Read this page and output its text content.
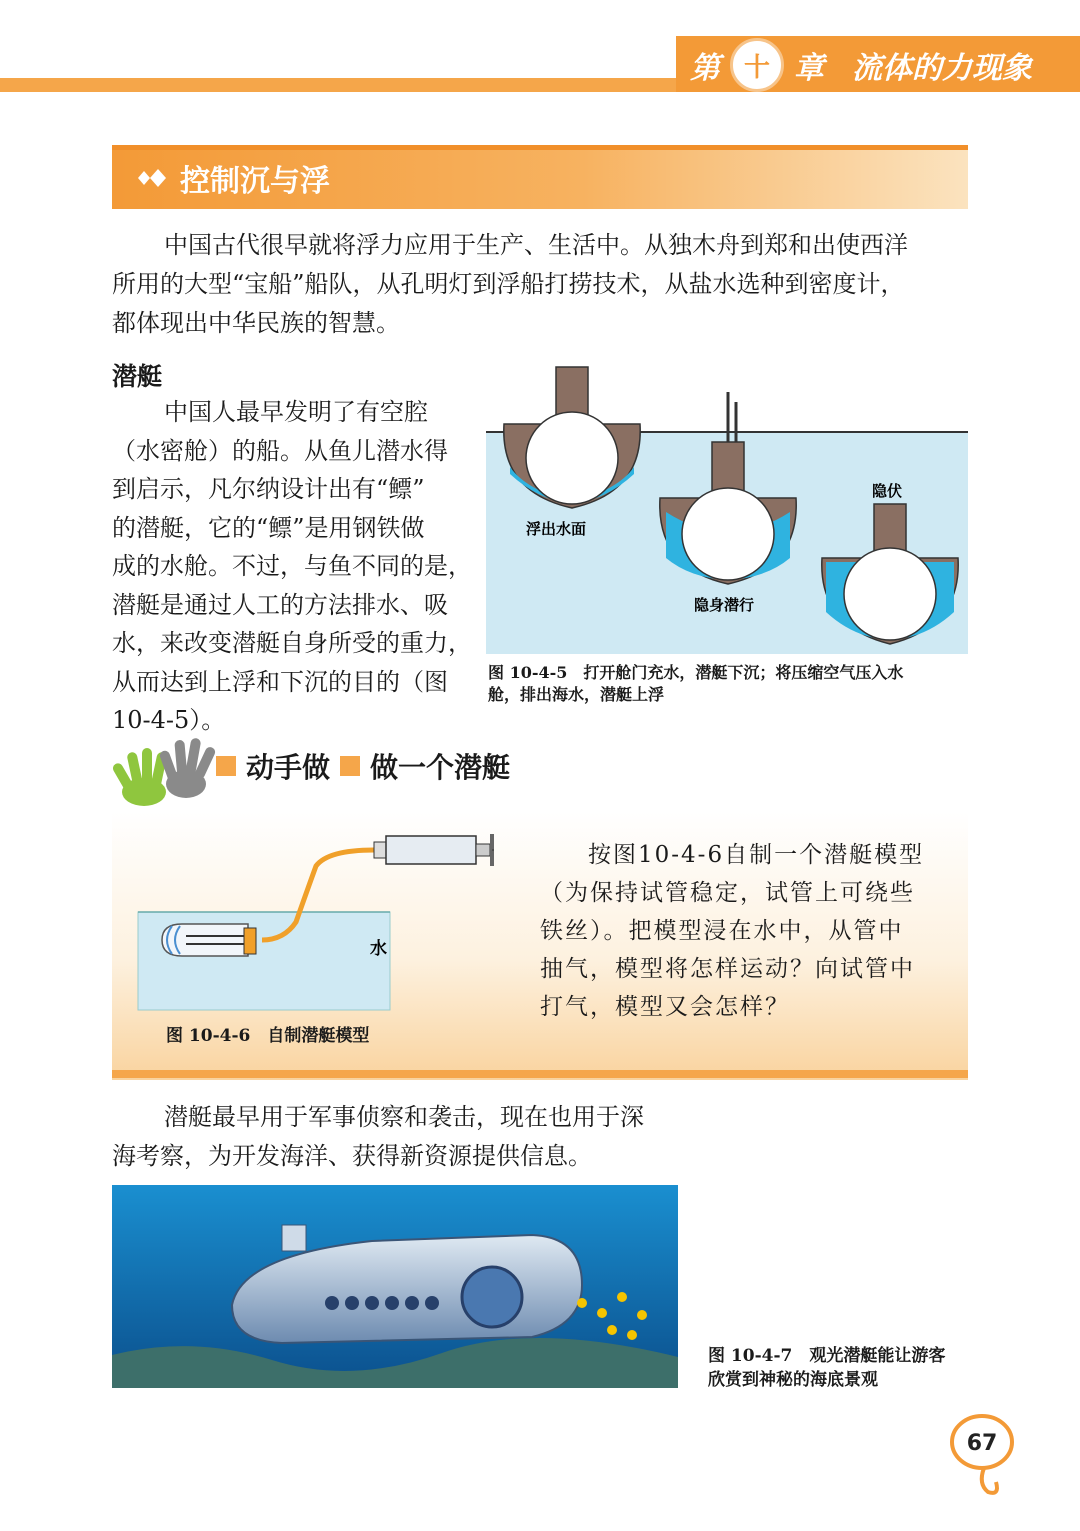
第 十 章 流体的力现象
控制沉与浮
中国古代很早就将浮力应用于生产、生活中。从独木舟到郑和出使西洋
所用的大型“宝船”船队，从孔明灯到浮船打捞技术，从盐水选种到密度计，
都体现出中华民族的智慧。
潜艇
中国人最早发明了有空腔
（水密舱）的船。从鱼儿潜水得
到启示，凡尔纳设计出有“鳔”
的潜艇，它的“鳔”是用钢铁做
成的水舱。不过，与鱼不同的是，
潜艇是通过人工的方法排水、吸
水，来改变潜艇自身所受的重力，
从而达到上浮和下沉的目的（图
10-4-5）。
浮出水面
隐身潜行
隐伏
图 10-4-5　打开舱门充水，潜艇下沉；将压缩空气压入水
舱，排出海水，潜艇上浮
动手做 做一个潜艇
水
图 10-4-6　自制潜艇模型
按图10-4-6自制一个潜艇模型
（为保持试管稳定，试管上可绕些
铁丝）。把模型浸在水中，从管中
抽气，模型将怎样运动？向试管中
打气，模型又会怎样？
潜艇最早用于军事侦察和袭击，现在也用于深
海考察，为开发海洋、获得新资源提供信息。
图 10-4-7　观光潜艇能让游客
欣赏到神秘的海底景观
67
